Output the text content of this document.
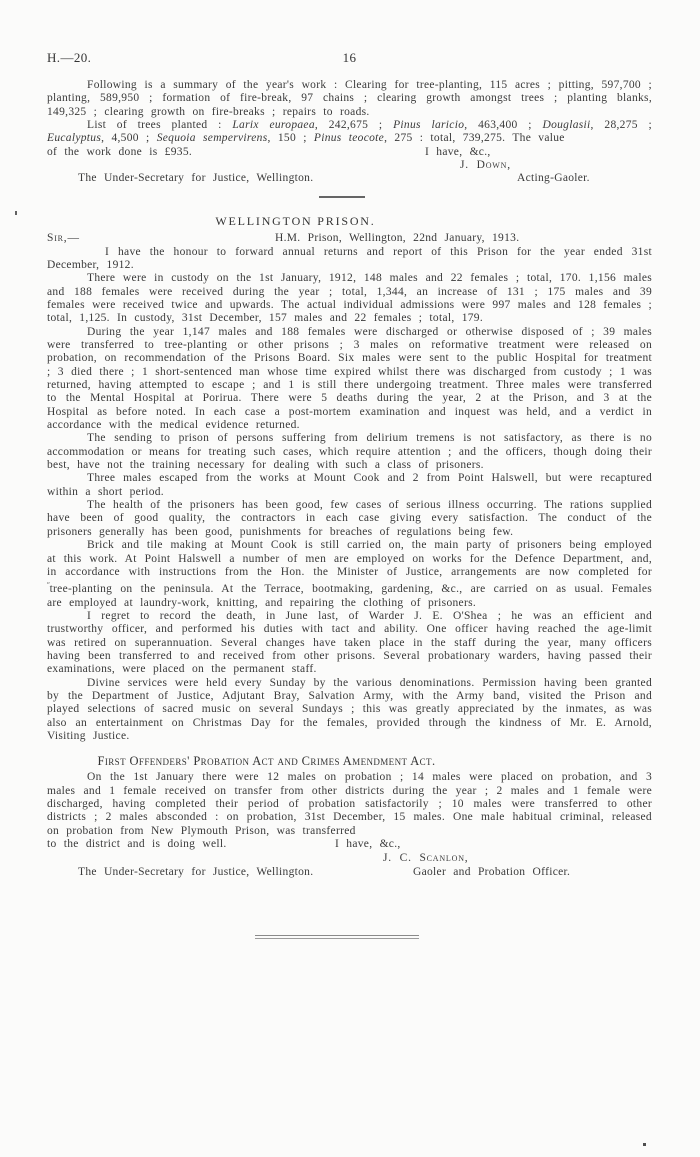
H.—20.	16

Following is a summary of the year's work : Clearing for tree-planting, 115 acres ; pitting, 597,700 ; planting, 589,950 ; formation of fire-break, 97 chains ; clearing growth amongst trees ; planting blanks, 149,325 ; clearing growth on fire-breaks ; repairs to roads.

List of trees planted : Larix europaea, 242,675 ; Pinus laricio, 463,400 ; Douglasii, 28,275 ; Eucalyptus, 4,500 ; Sequoia sempervirens, 150 ; Pinus teocote, 275 : total, 739,275. The value

of the work done is £935.	I have, &c.,
J. Down,
The Under-Secretary for Justice, Wellington.	Acting-Gaoler.
WELLINGTON PRISON.
Sir,—	H.M. Prison, Wellington, 22nd January, 1913.

I have the honour to forward annual returns and report of this Prison for the year ended 31st December, 1912.

There were in custody on the 1st January, 1912, 148 males and 22 females ; total, 170. 1,156 males and 188 females were received during the year ; total, 1,344, an increase of 131 ; 175 males and 39 females were received twice and upwards. The actual individual admissions were 997 males and 128 females ; total, 1,125. In custody, 31st December, 157 males and 22 females ; total, 179.

During the year 1,147 males and 188 females were discharged or otherwise disposed of ; 39 males were transferred to tree-planting or other prisons ; 3 males on reformative treatment were released on probation, on recommendation of the Prisons Board. Six males were sent to the public Hospital for treatment ; 3 died there ; 1 short-sentenced man whose time expired whilst there was discharged from custody ; 1 was returned, having attempted to escape ; and 1 is still there undergoing treatment. Three males were transferred to the Mental Hospital at Porirua. There were 5 deaths during the year, 2 at the Prison, and 3 at the Hospital as before noted. In each case a post-mortem examination and inquest was held, and a verdict in accordance with the medical evidence returned.

The sending to prison of persons suffering from delirium tremens is not satisfactory, as there is no accommodation or means for treating such cases, which require attention ; and the officers, though doing their best, have not the training necessary for dealing with such a class of prisoners.

Three males escaped from the works at Mount Cook and 2 from Point Halswell, but were recaptured within a short period.

The health of the prisoners has been good, few cases of serious illness occurring. The rations supplied have been of good quality, the contractors in each case giving every satisfaction. The conduct of the prisoners generally has been good, punishments for breaches of regulations being few.

Brick and tile making at Mount Cook is still carried on, the main party of prisoners being employed at this work. At Point Halswell a number of men are employed on works for the Defence Department, and, in accordance with instructions from the Hon. the Minister of Justice, arrangements are now completed for $^ʺ$tree-planting on the peninsula. At the Terrace, bootmaking, gardening, &c., are carried on as usual. Females are employed at laundry-work, knitting, and repairing the clothing of prisoners.

I regret to record the death, in June last, of Warder J. E. O'Shea ; he was an efficient and trustworthy officer, and performed his duties with tact and ability. One officer having reached the age-limit was retired on superannuation. Several changes have taken place in the staff during the year, many officers having been transferred to and received from other prisons. Several probationary warders, having passed their examinations, were placed on the permanent staff.

Divine services were held every Sunday by the various denominations. Permission having been granted by the Department of Justice, Adjutant Bray, Salvation Army, with the Army band, visited the Prison and played selections of sacred music on several Sundays ; this was greatly appreciated by the inmates, as was also an entertainment on Christmas Day for the females, provided through the kindness of Mr. E. Arnold, Visiting Justice.

First Offenders' Probation Act and Crimes Amendment Act.

On the 1st January there were 12 males on probation ; 14 males were placed on probation, and 3 males and 1 female received on transfer from other districts during the year ; 2 males and 1 female were discharged, having completed their period of probation satisfactorily ; 10 males were transferred to other districts ; 2 males absconded : on probation, 31st December, 15 males. One male habitual criminal, released on probation from New Plymouth Prison, was transferred

to the district and is doing well.	I have, &c.,
J. C. Scanlon,
The Under-Secretary for Justice, Wellington.	Gaoler and Probation Officer.
